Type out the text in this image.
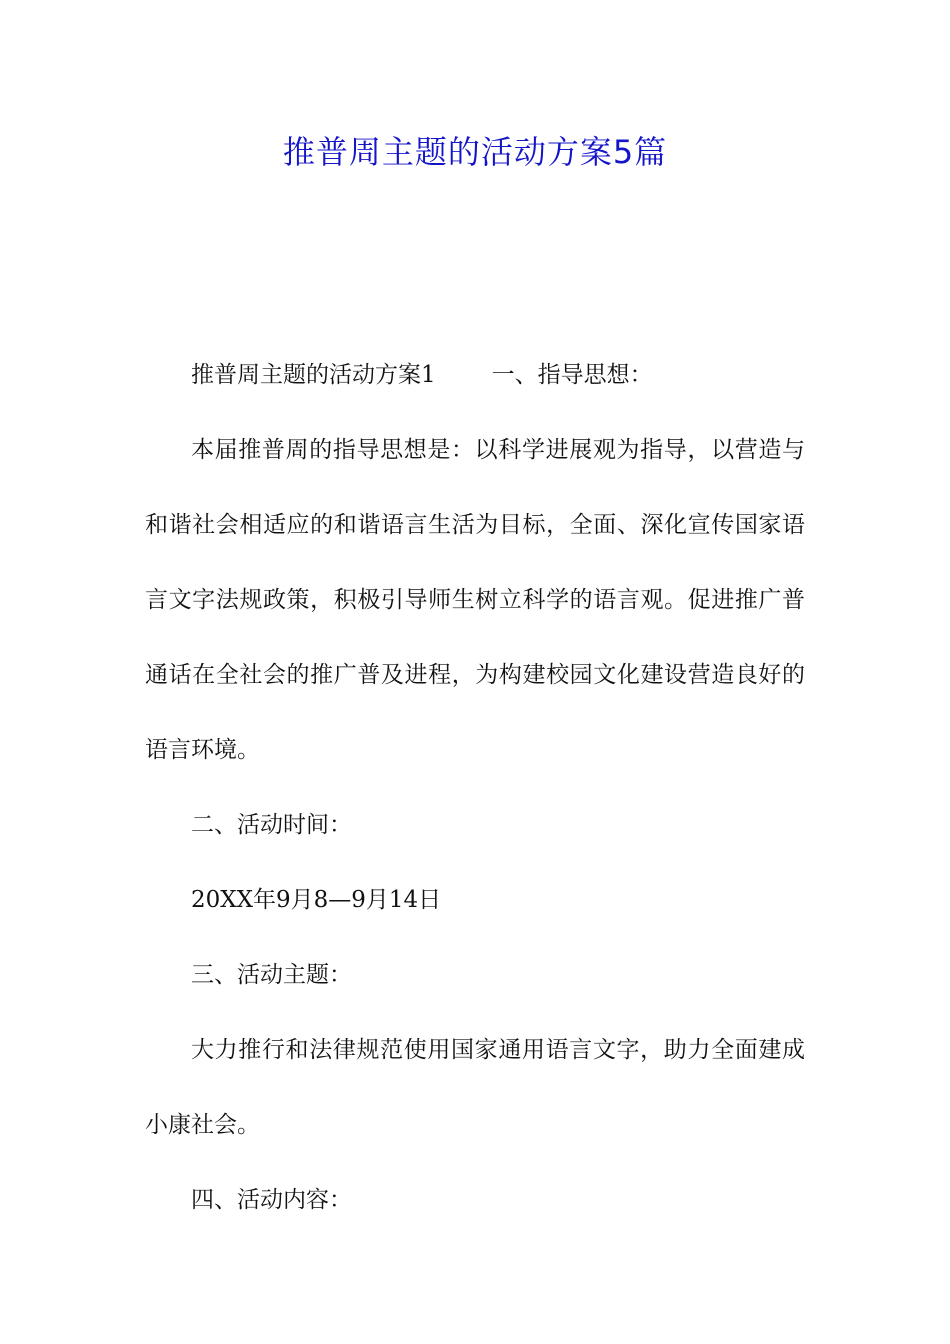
推普周主题的活动方案5篇

推普周主题的活动方案1 一、指导思想：

本届推普周的指导思想是：以科学进展观为指导，以营造与和谐社会相适应的和谐语言生活为目标，全面、深化宣传国家语言文字法规政策，积极引导师生树立科学的语言观。促进推广普通话在全社会的推广普及进程，为构建校园文化建设营造良好的语言环境。

二、活动时间：

20XX年9月8—9月14日

三、活动主题：

大力推行和法律规范使用国家通用语言文字，助力全面建成小康社会。

四、活动内容：
